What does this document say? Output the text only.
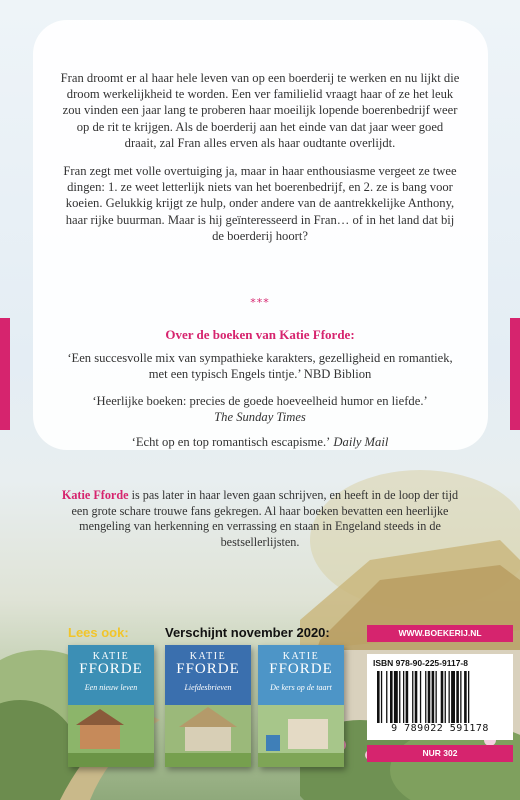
Fran droomt er al haar hele leven van op een boerderij te werken en nu lijkt die droom werkelijkheid te worden. Een ver familielid vraagt haar of ze het leuk zou vinden een jaar lang te proberen haar moeilijk lopende boerenbedrijf weer op de rit te krijgen. Als de boerderij aan het einde van dat jaar weer goed draait, zal Fran alles erven als haar oudtante overlijdt.

Fran zegt met volle overtuiging ja, maar in haar enthousiasme vergeet ze twee dingen: 1. ze weet letterlijk niets van het boerenbedrijf, en 2. ze is bang voor koeien. Gelukkig krijgt ze hulp, onder andere van de aantrekkelijke Anthony, haar rijke buurman. Maar is hij geïnteresseerd in Fran… of in het land dat bij de boerderij hoort?

***
Over de boeken van Katie Fforde:

‘Een succesvolle mix van sympathieke karakters, gezelligheid en romantiek, met een typisch Engels tintje.’ NBD Biblion

‘Heerlijke boeken: precies de goede hoeveelheid humor en liefde.’
The Sunday Times

‘Echt op en top romantisch escapisme.’ Daily Mail

Katie Fforde is pas later in haar leven gaan schrijven, en heeft in de loop der tijd een grote schare trouwe fans gekregen. Al haar boeken bevatten een heerlijke mengeling van herkenning en verrassing en staan in Engeland steeds in de bestsellerlijsten.

Lees ook:	Verschijnt november 2020:
KATIE
FFORDE
Een nieuw leven
KATIE
FFORDE
Liefdesbrieven
KATIE
FFORDE
De kers op de taart
WWW.BOEKERIJ.NL
ISBN 978-90-225-9117-8
9 789022 591178
NUR 302
